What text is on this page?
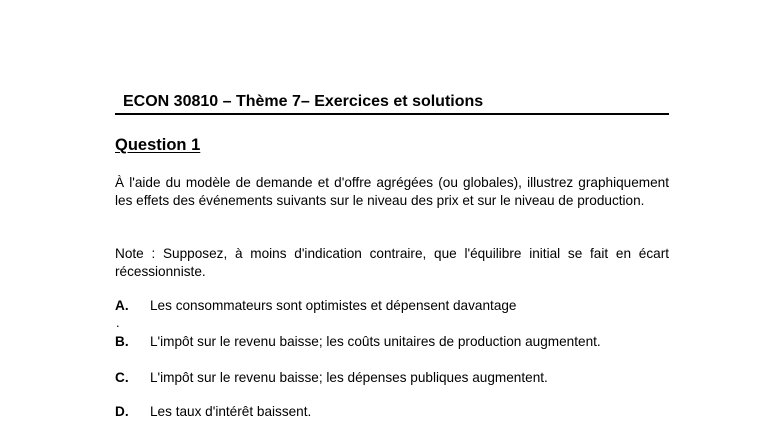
ECON 30810 – Thème 7– Exercices et solutions
Question 1

À l'aide du modèle de demande et d'offre agrégées (ou globales), illustrez graphiquement les effets des événements suivants sur le niveau des prix et sur le niveau de production.

Note : Supposez, à moins d'indication contraire, que l'équilibre initial se fait en écart récessionniste.

A. Les consommateurs sont optimistes et dépensent davantage
.
B. L'impôt sur le revenu baisse; les coûts unitaires de production augmentent.
C. L'impôt sur le revenu baisse; les dépenses publiques augmentent.
D. Les taux d'intérêt baissent.
